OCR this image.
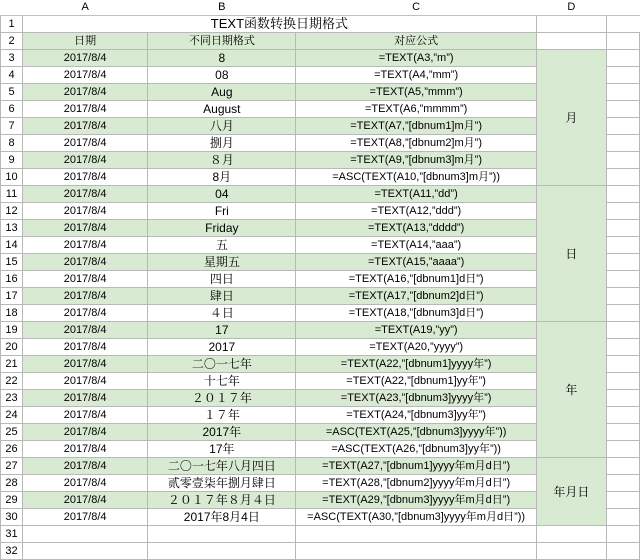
	A	B	C	D	
1	TEXT函数转换日期格式				
2	日期	不同日期格式	对应公式		
3	2017/8/4	8	=TEXT(A3,”m”)	月	
4	2017/8/4	08	=TEXT(A4,”mm”)		
5	2017/8/4	Aug	=TEXT(A5,”mmm”)		
6	2017/8/4	August	=TEXT(A6,”mmmm”)		
7	2017/8/4	八月	=TEXT(A7,”[dbnum1]m月”)		
8	2017/8/4	捌月	=TEXT(A8,”[dbnum2]m月”)		
9	2017/8/4	８月	=TEXT(A9,”[dbnum3]m月”)		
10	2017/8/4	8月	=ASC(TEXT(A10,”[dbnum3]m月”))		
11	2017/8/4	04	=TEXT(A11,”dd”)	日	
12	2017/8/4	Fri	=TEXT(A12,”ddd”)		
13	2017/8/4	Friday	=TEXT(A13,”dddd”)		
14	2017/8/4	五	=TEXT(A14,”aaa”)		
15	2017/8/4	星期五	=TEXT(A15,”aaaa”)		
16	2017/8/4	四日	=TEXT(A16,”[dbnum1]d日”)		
17	2017/8/4	肆日	=TEXT(A17,”[dbnum2]d日”)		
18	2017/8/4	４日	=TEXT(A18,”[dbnum3]d日”)		
19	2017/8/4	17	=TEXT(A19,”yy”)	年	
20	2017/8/4	2017	=TEXT(A20,”yyyy”)		
21	2017/8/4	二〇一七年	=TEXT(A22,”[dbnum1]yyyy年”)		
22	2017/8/4	十七年	=TEXT(A22,”[dbnum1]yy年”)		
23	2017/8/4	２０１７年	=TEXT(A23,”[dbnum3]yyyy年”)		
24	2017/8/4	１７年	=TEXT(A24,”[dbnum3]yy年”)		
25	2017/8/4	2017年	=ASC(TEXT(A25,”[dbnum3]yyyy年”))		
26	2017/8/4	17年	=ASC(TEXT(A26,”[dbnum3]yy年”))		
27	2017/8/4	二〇一七年八月四日	=TEXT(A27,”[dbnum1]yyyy年m月d日”)	年月日	
28	2017/8/4	贰零壹柒年捌月肆日	=TEXT(A28,”[dbnum2]yyyy年m月d日”)		
29	2017/8/4	２０１７年８月４日	=TEXT(A29,”[dbnum3]yyyy年m月d日”)		
30	2017/8/4	2017年8月4日	=ASC(TEXT(A30,”[dbnum3]yyyy年m月d日”))		
31					
32					
